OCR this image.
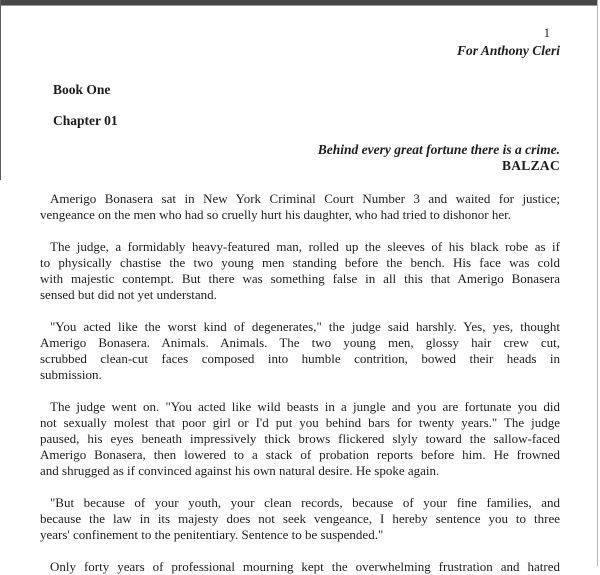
1
For Anthony Cleri
Book One
Chapter 01
Behind every great fortune there is a crime.
BALZAC
Amerigo Bonasera sat in New York Criminal Court Number 3 and waited for justice;
vengeance on the men who had so cruelly hurt his daughter, who had tried to dishonor her.
The judge, a formidably heavy-featured man, rolled up the sleeves of his black robe as if
to physically chastise the two young men standing before the bench. His face was cold
with majestic contempt. But there was something false in all this that Amerigo Bonasera
sensed but did not yet understand.
"You acted like the worst kind of degenerates," the judge said harshly. Yes, yes, thought
Amerigo Bonasera. Animals. Animals. The two young men, glossy hair crew cut,
scrubbed clean-cut faces composed into humble contrition, bowed their heads in
submission.
The judge went on. "You acted like wild beasts in a jungle and you are fortunate you did
not sexually molest that poor girl or I'd put you behind bars for twenty years." The judge
paused, his eyes beneath impressively thick brows flickered slyly toward the sallow-faced
Amerigo Bonasera, then lowered to a stack of probation reports before him. He frowned
and shrugged as if convinced against his own natural desire. He spoke again.
"But because of your youth, your clean records, because of your fine families, and
because the law in its majesty does not seek vengeance, I hereby sentence you to three
years' confinement to the penitentiary. Sentence to be suspended."
Only forty years of professional mourning kept the overwhelming frustration and hatred
